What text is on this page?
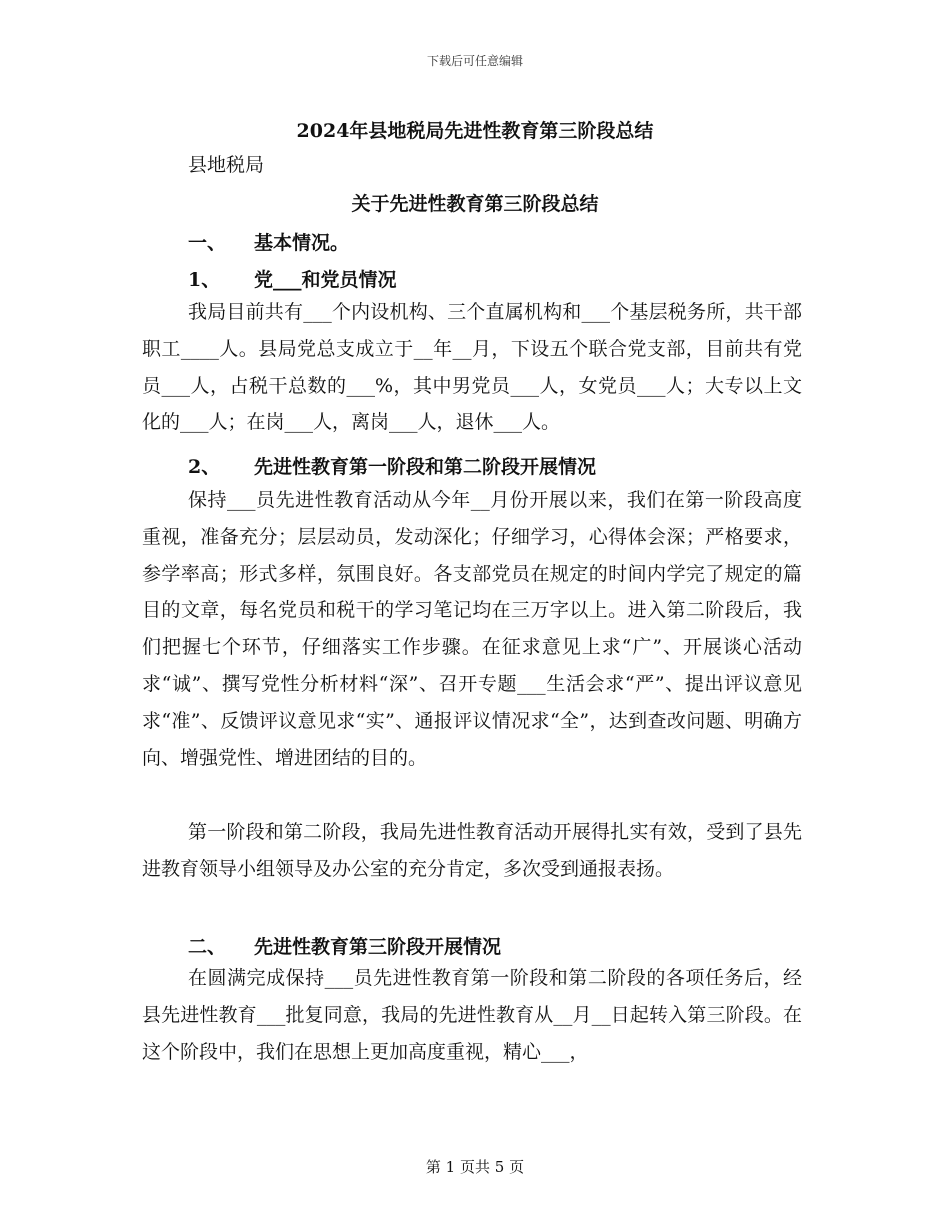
下载后可任意编辑
2024年县地税局先进性教育第三阶段总结
县地税局
关于先进性教育第三阶段总结
一、 基本情况。
1、 党___和党员情况

我局目前共有___个内设机构、三个直属机构和___个基层税务所，共干部职工____人。县局党总支成立于__年__月，下设五个联合党支部，目前共有党员___人，占税干总数的___%，其中男党员___人，女党员___人；大专以上文化的___人；在岗___人，离岗___人，退休___人。

2、 先进性教育第一阶段和第二阶段开展情况

保持___员先进性教育活动从今年__月份开展以来，我们在第一阶段高度重视，准备充分；层层动员，发动深化；仔细学习，心得体会深；严格要求，参学率高；形式多样，氛围良好。各支部党员在规定的时间内学完了规定的篇目的文章，每名党员和税干的学习笔记均在三万字以上。进入第二阶段后，我们把握七个环节，仔细落实工作步骤。在征求意见上求“广”、开展谈心活动求“诚”、撰写党性分析材料“深”、召开专题___生活会求“严”、提出评议意见求“准”、反馈评议意见求“实”、通报评议情况求“全”，达到查改问题、明确方向、增强党性、增进团结的目的。

第一阶段和第二阶段，我局先进性教育活动开展得扎实有效，受到了县先进教育领导小组领导及办公室的充分肯定，多次受到通报表扬。

二、 先进性教育第三阶段开展情况

在圆满完成保持___员先进性教育第一阶段和第二阶段的各项任务后，经县先进性教育___批复同意，我局的先进性教育从__月__日起转入第三阶段。在这个阶段中，我们在思想上更加高度重视，精心___，

第 1 页共 5 页
